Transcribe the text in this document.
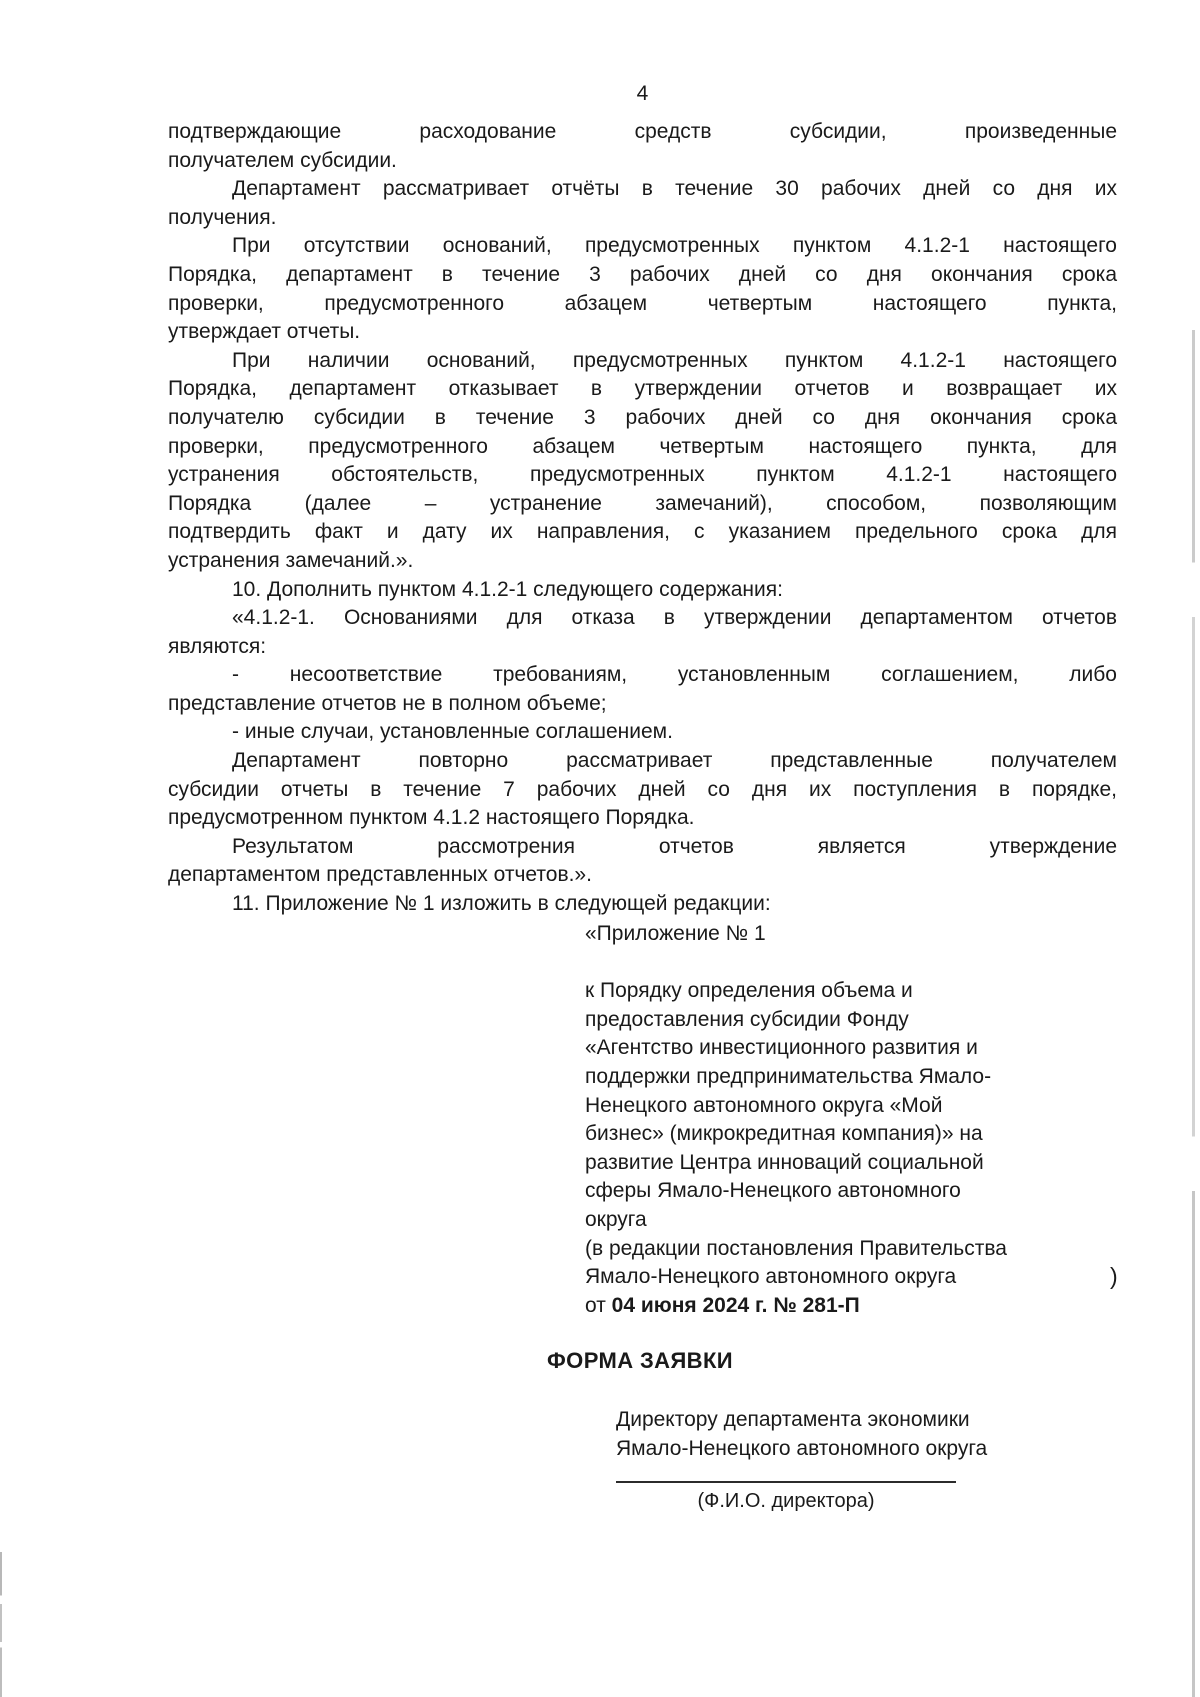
4
подтверждающие расходование средств субсидии, произведенные
получателем субсидии.
Департамент рассматривает отчёты в течение 30 рабочих дней со дня их
получения.
При отсутствии оснований, предусмотренных пунктом 4.1.2-1 настоящего
Порядка, департамент в течение 3 рабочих дней со дня окончания срока
проверки, предусмотренного абзацем четвертым настоящего пункта,
утверждает отчеты.
При наличии оснований, предусмотренных пунктом 4.1.2-1 настоящего
Порядка, департамент отказывает в утверждении отчетов и возвращает их
получателю субсидии в течение 3 рабочих дней со дня окончания срока
проверки, предусмотренного абзацем четвертым настоящего пункта, для
устранения обстоятельств, предусмотренных пунктом 4.1.2-1 настоящего
Порядка (далее – устранение замечаний), способом, позволяющим
подтвердить факт и дату их направления, с указанием предельного срока для
устранения замечаний.».
10. Дополнить пунктом 4.1.2-1 следующего содержания:
«4.1.2-1. Основаниями для отказа в утверждении департаментом отчетов
являются:
- несоответствие требованиям, установленным соглашением, либо
представление отчетов не в полном объеме;
- иные случаи, установленные соглашением.
Департамент повторно рассматривает представленные получателем
субсидии отчеты в течение 7 рабочих дней со дня их поступления в порядке,
предусмотренном пунктом 4.1.2 настоящего Порядка.
Результатом рассмотрения отчетов является утверждение
департаментом представленных отчетов.».
11. Приложение № 1 изложить в следующей редакции:
«Приложение № 1
к Порядку определения объема и
предоставления субсидии Фонду
«Агентство инвестиционного развития и
поддержки предпринимательства Ямало-
Ненецкого автономного округа «Мой
бизнес» (микрокредитная компания)» на
развитие Центра инноваций социальной
сферы Ямало-Ненецкого автономного
округа
(в редакции постановления Правительства
Ямало-Ненецкого автономного округа
от 04 июня 2024 г. № 281-П
)
ФОРМА ЗАЯВКИ
Директору департамента экономики
Ямало-Ненецкого автономного округа
(Ф.И.О. директора)
